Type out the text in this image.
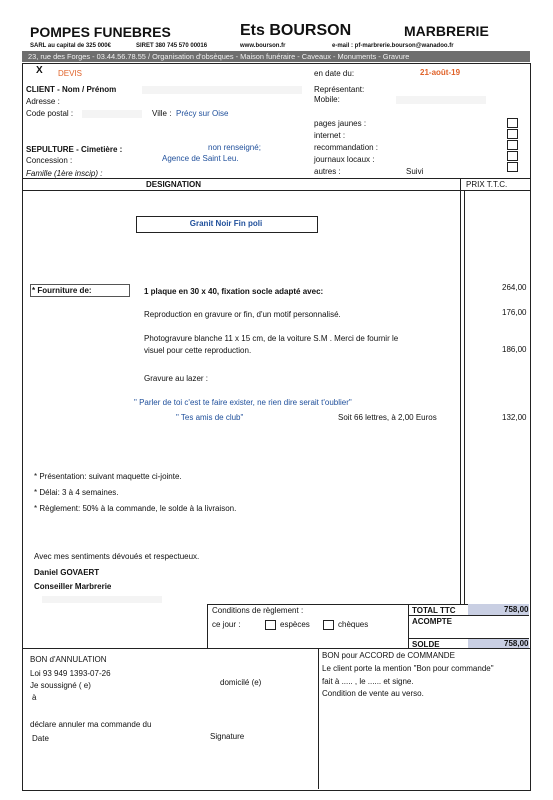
POMPES FUNEBRES	Ets BOURSON	MARBRERIE
SARL au capital de 325 000€	SIRET 380 745 570 00016	www.bourson.fr	e-mail : pf-marbrerie.bourson@wanadoo.fr
23, rue des Forges - 03.44.56.78.55 / Organisation d'obsèques - Maison funéraire - Caveaux - Monuments - Gravure
X DEVIS	en date du:	21-août-19
CLIENT - Nom / Prénom
Adresse :
Code postal :	Ville : Précy sur Oise
Représentant:
Mobile:
pages jaunes :
internet :
recommandation :
journaux locaux :
autres :	Suivi
SEPULTURE - Cimetière :	non renseigné;
Concession :	Agence de Saint Leu.
Famille (1ère inscip) :
DESIGNATION	PRIX T.T.C.
Granit Noir Fin poli
* Fourniture de:	1 plaque en 30 x 40, fixation socle adapté avec:	264,00
Reproduction en gravure or fin, d'un motif personnalisé.	176,00
Photogravure blanche 11 x 15 cm, de la voiture S.M . Merci de fournir le
visuel pour cette reproduction.	186,00
Gravure au lazer :
" Parler de toi c'est te faire exister, ne rien dire serait t'oublier"
" Tes amis de club"	Soit 66 lettres, à 2,00 Euros	132,00
* Présentation: suivant maquette ci-jointe.
* Délai: 3 à 4 semaines.
* Règlement: 50% à la commande, le solde à la livraison.
Avec mes sentiments dévoués et respectueux.
Daniel GOVAERT
Conseiller Marbrerie
Conditions de règlement :
ce jour :	espèces	chèques
TOTAL TTC	758,00
ACOMPTE
SOLDE	758,00
BON d'ANNULATION
Loi 93 949 1393-07-26
Je soussigné ( e)	domicilé (e)
à
déclare annuler ma commande du
Date	Signature
BON pour ACCORD de COMMANDE
Le client porte la mention "Bon pour commande"
fait à ..... , le ...... et signe.
Condition de vente au verso.
